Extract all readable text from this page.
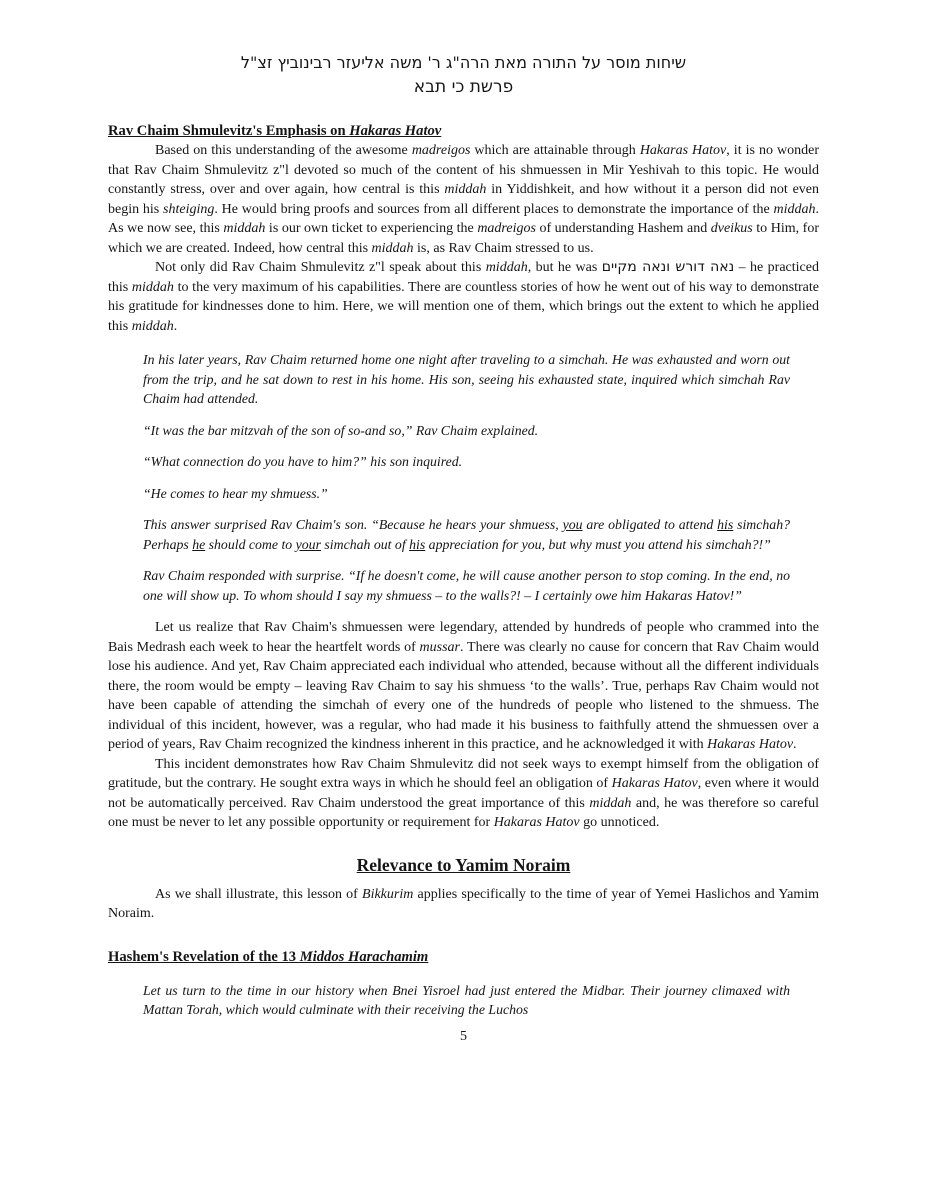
שיחות מוסר על התורה מאת הרה"ג ר' משה אליעזר רבינוביץ זצ"ל
פרשת כי תבא
Rav Chaim Shmulevitz's Emphasis on Hakaras Hatov

Based on this understanding of the awesome madreigos which are attainable through Hakaras Hatov, it is no wonder that Rav Chaim Shmulevitz z"l devoted so much of the content of his shmuessen in Mir Yeshivah to this topic. He would constantly stress, over and over again, how central is this middah in Yiddishkeit, and how without it a person did not even begin his shteiging. He would bring proofs and sources from all different places to demonstrate the importance of the middah. As we now see, this middah is our own ticket to experiencing the madreigos of understanding Hashem and dveikus to Him, for which we are created. Indeed, how central this middah is, as Rav Chaim stressed to us.

Not only did Rav Chaim Shmulevitz z"l speak about this middah, but he was נאה דורש ונאה מקיים – he practiced this middah to the very maximum of his capabilities. There are countless stories of how he went out of his way to demonstrate his gratitude for kindnesses done to him. Here, we will mention one of them, which brings out the extent to which he applied this middah.

In his later years, Rav Chaim returned home one night after traveling to a simchah. He was exhausted and worn out from the trip, and he sat down to rest in his home. His son, seeing his exhausted state, inquired which simchah Rav Chaim had attended.

“It was the bar mitzvah of the son of so-and so,” Rav Chaim explained.

“What connection do you have to him?” his son inquired.

“He comes to hear my shmuess.”

This answer surprised Rav Chaim's son. “Because he hears your shmuess, you are obligated to attend his simchah? Perhaps he should come to your simchah out of his appreciation for you, but why must you attend his simchah?!”

Rav Chaim responded with surprise. “If he doesn't come, he will cause another person to stop coming. In the end, no one will show up. To whom should I say my shmuess – to the walls?! – I certainly owe him Hakaras Hatov!”

Let us realize that Rav Chaim's shmuessen were legendary, attended by hundreds of people who crammed into the Bais Medrash each week to hear the heartfelt words of mussar. There was clearly no cause for concern that Rav Chaim would lose his audience. And yet, Rav Chaim appreciated each individual who attended, because without all the different individuals there, the room would be empty – leaving Rav Chaim to say his shmuess ‘to the walls’. True, perhaps Rav Chaim would not have been capable of attending the simchah of every one of the hundreds of people who listened to the shmuess. The individual of this incident, however, was a regular, who had made it his business to faithfully attend the shmuessen over a period of years, Rav Chaim recognized the kindness inherent in this practice, and he acknowledged it with Hakaras Hatov.

This incident demonstrates how Rav Chaim Shmulevitz did not seek ways to exempt himself from the obligation of gratitude, but the contrary. He sought extra ways in which he should feel an obligation of Hakaras Hatov, even where it would not be automatically perceived. Rav Chaim understood the great importance of this middah and, he was therefore so careful one must be never to let any possible opportunity or requirement for Hakaras Hatov go unnoticed.

Relevance to Yamim Noraim

As we shall illustrate, this lesson of Bikkurim applies specifically to the time of year of Yemei Haslichos and Yamim Noraim.

Hashem's Revelation of the 13 Middos Harachamim

Let us turn to the time in our history when Bnei Yisroel had just entered the Midbar. Their journey climaxed with Mattan Torah, which would culminate with their receiving the Luchos

5
